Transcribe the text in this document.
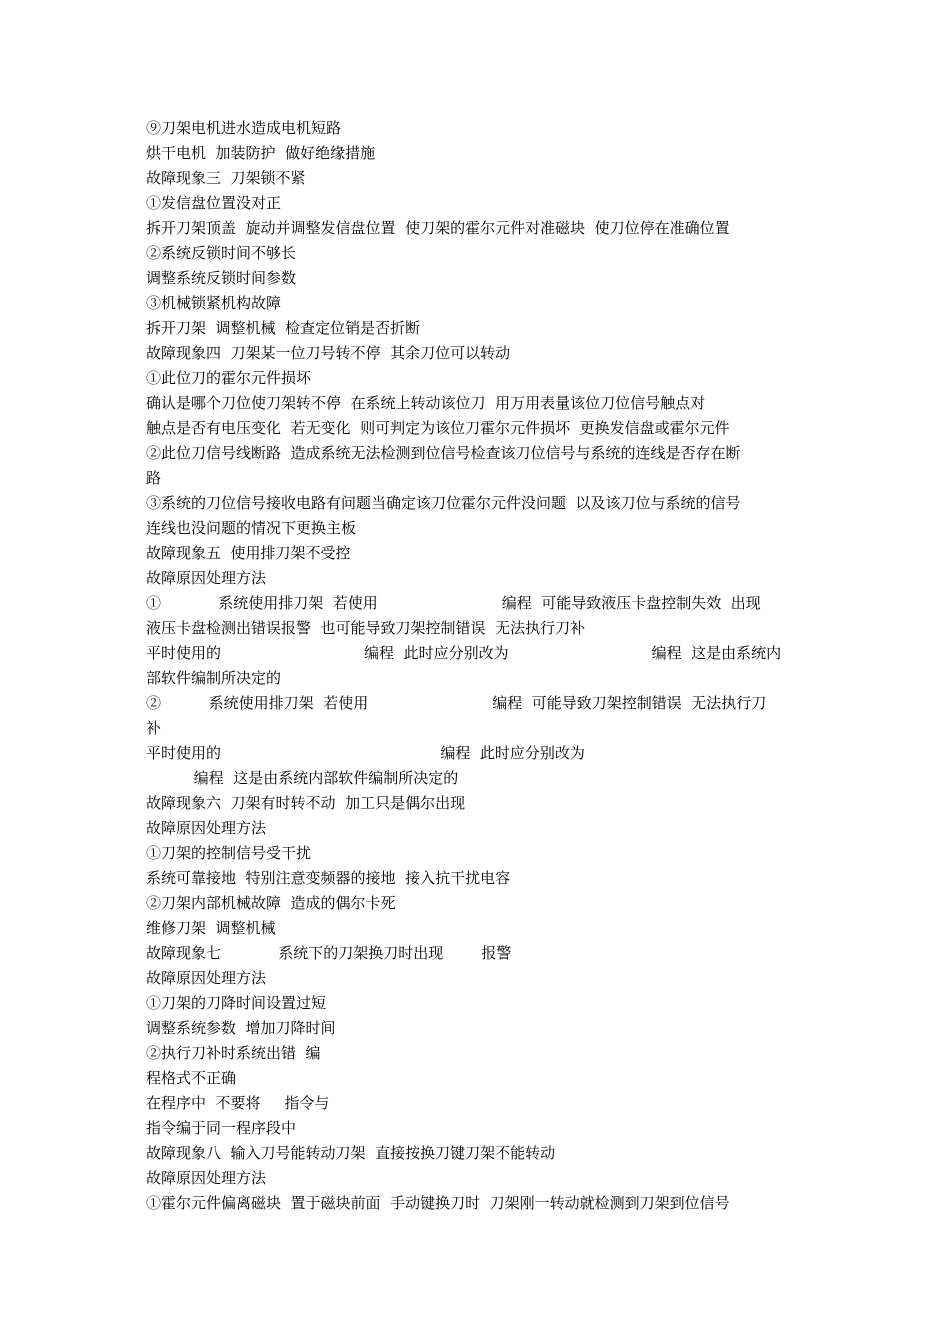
⑨刀架电机进水造成电机短路
烘干电机  加装防护  做好绝缘措施
故障现象三  刀架锁不紧
①发信盘位置没对正
拆开刀架顶盖  旋动并调整发信盘位置  使刀架的霍尔元件对准磁块  使刀位停在准确位置
②系统反锁时间不够长
调整系统反锁时间参数
③机械锁紧机构故障
拆开刀架  调整机械  检查定位销是否折断
故障现象四  刀架某一位刀号转不停  其余刀位可以转动
①此位刀的霍尔元件损坏
确认是哪个刀位使刀架转不停  在系统上转动该位刀  用万用表量该位刀位信号触点对
触点是否有电压变化  若无变化  则可判定为该位刀霍尔元件损坏  更换发信盘或霍尔元件
②此位刀信号线断路  造成系统无法检测到位信号检查该刀位信号与系统的连线是否存在断
路
③系统的刀位信号接收电路有问题当确定该刀位霍尔元件没问题  以及该刀位与系统的信号
连线也没问题的情况下更换主板
故障现象五  使用排刀架不受控
故障原因处理方法
①            系统使用排刀架  若使用                          编程  可能导致液压卡盘控制失效  出现
液压卡盘检测出错误报警  也可能导致刀架控制错误  无法执行刀补
平时使用的                              编程  此时应分别改为                              编程  这是由系统内
部软件编制所决定的
②          系统使用排刀架  若使用                          编程  可能导致刀架控制错误  无法执行刀
补
平时使用的                                              编程  此时应分别改为
编程  这是由系统内部软件编制所决定的
故障现象六  刀架有时转不动  加工只是偶尔出现
故障原因处理方法
①刀架的控制信号受干扰
系统可靠接地  特别注意变频器的接地  接入抗干扰电容
②刀架内部机械故障  造成的偶尔卡死
维修刀架  调整机械
故障现象七            系统下的刀架换刀时出现        报警
故障原因处理方法
①刀架的刀降时间设置过短
调整系统参数  增加刀降时间
②执行刀补时系统出错  编
程格式不正确
在程序中  不要将     指令与
指令编于同一程序段中
故障现象八  输入刀号能转动刀架  直接按换刀键刀架不能转动
故障原因处理方法
①霍尔元件偏离磁块  置于磁块前面  手动键换刀时  刀架刚一转动就检测到刀架到位信号
